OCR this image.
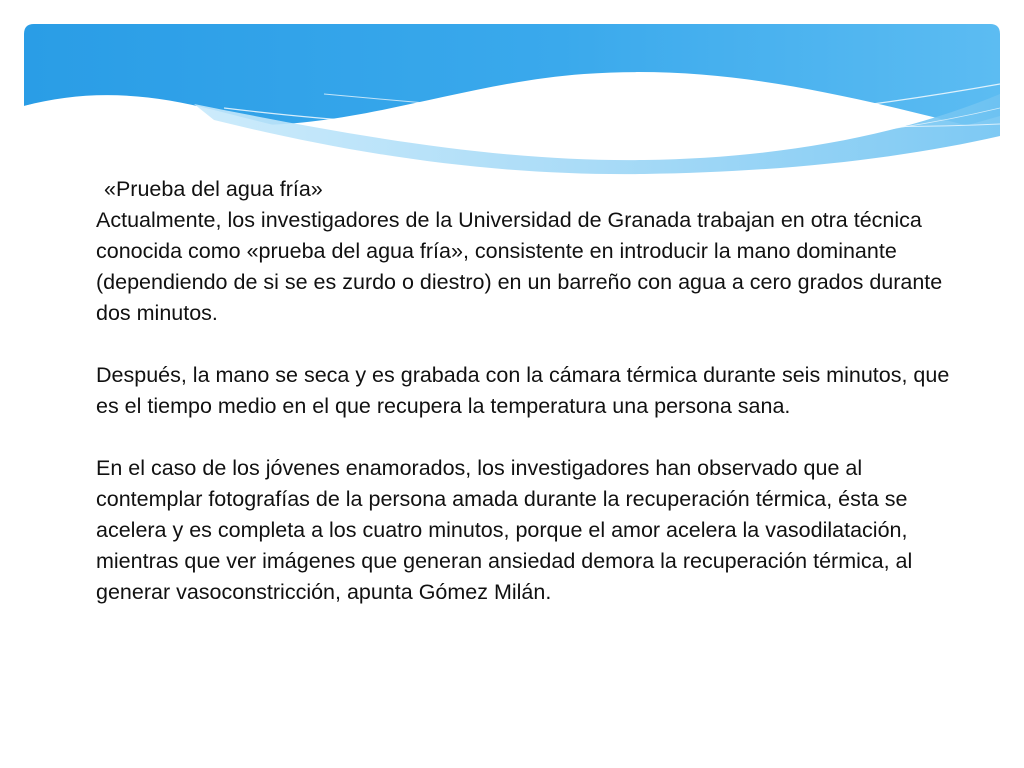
«Prueba del agua fría»

Actualmente, los investigadores de la Universidad de Granada trabajan en otra técnica conocida como «prueba del agua fría», consistente en introducir la mano dominante (dependiendo de si se es zurdo o diestro) en un barreño con agua a cero grados durante dos minutos.

Después, la mano se seca y es grabada con la cámara térmica durante seis minutos, que es el tiempo medio en el que recupera la temperatura una persona sana.

En el caso de los jóvenes enamorados, los investigadores han observado que al contemplar fotografías de la persona amada durante la recuperación térmica, ésta se acelera y es completa a los cuatro minutos, porque el amor acelera la vasodilatación, mientras que ver imágenes que generan ansiedad demora la recuperación térmica, al generar vasoconstricción, apunta Gómez Milán.
